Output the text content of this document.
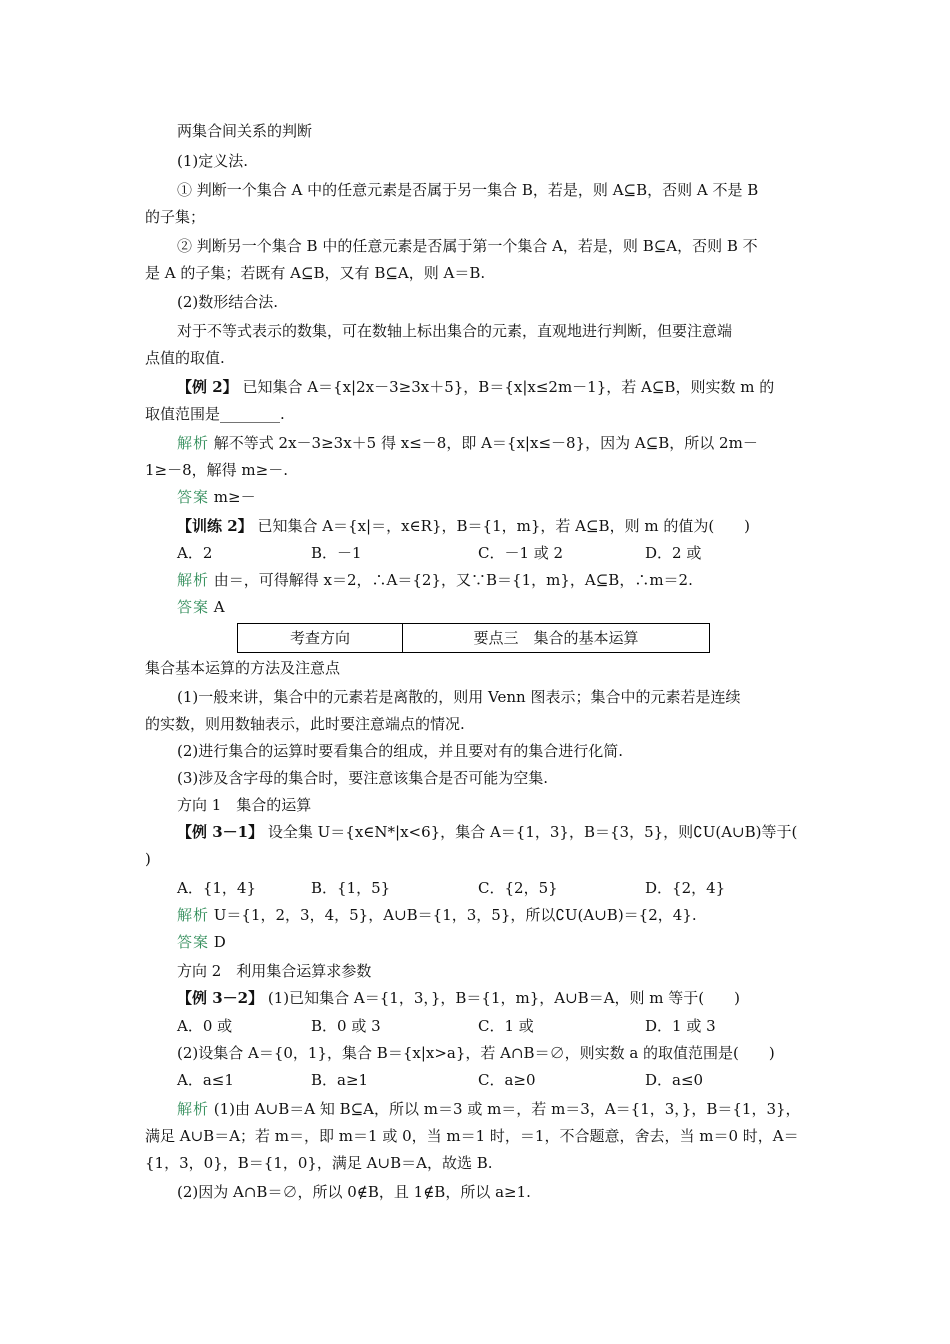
两集合间关系的判断
(1)定义法.
① 判断一个集合 A 中的任意元素是否属于另一集合 B，若是，则 A⊆B，否则 A 不是 B
的子集；
② 判断另一个集合 B 中的任意元素是否属于第一个集合 A，若是，则 B⊆A，否则 B 不
是 A 的子集；若既有 A⊆B，又有 B⊆A，则 A＝B.
(2)数形结合法.
对于不等式表示的数集，可在数轴上标出集合的元素，直观地进行判断，但要注意端
点值的取值.
【例 2】 已知集合 A＝{x|2x－3≥3x＋5}，B＝{x|x≤2m－1}，若 A⊆B，则实数 m 的
取值范围是________.
解析 解不等式 2x－3≥3x＋5 得 x≤－8，即 A＝{x|x≤－8}，因为 A⊆B，所以 2m－
1≥－8，解得 m≥－.
答案 m≥－
【训练 2】 已知集合 A＝{x|＝，x∈R}，B＝{1，m}，若 A⊆B，则 m 的值为(　　)
A．2	B．－1	C．－1 或 2	D．2 或
解析 由＝，可得解得 x＝2，∴A＝{2}，又∵B＝{1，m}，A⊆B，∴m＝2.
答案 A
考查方向	要点三　集合的基本运算
集合基本运算的方法及注意点
(1)一般来讲，集合中的元素若是离散的，则用 Venn 图表示；集合中的元素若是连续
的实数，则用数轴表示，此时要注意端点的情况.
(2)进行集合的运算时要看集合的组成，并且要对有的集合进行化简.
(3)涉及含字母的集合时，要注意该集合是否可能为空集.
方向 1　集合的运算
【例 3－1】 设全集 U＝{x∈N*|x<6}，集合 A＝{1，3}，B＝{3，5}，则∁U(A∪B)等于(
)
A．{1，4}	B．{1，5}	C．{2，5}	D．{2，4}
解析 U＝{1，2，3，4，5}，A∪B＝{1，3，5}，所以∁U(A∪B)＝{2，4}.
答案 D
方向 2　利用集合运算求参数
【例 3－2】 (1)已知集合 A＝{1，3，}，B＝{1，m}，A∪B＝A，则 m 等于(　　)
A．0 或	B．0 或 3	C．1 或	D．1 或 3
(2)设集合 A＝{0，1}，集合 B＝{x|x>a}，若 A∩B＝∅，则实数 a 的取值范围是(　　)
A．a≤1	B．a≥1	C．a≥0	D．a≤0
解析 (1)由 A∪B＝A 知 B⊆A，所以 m＝3 或 m＝，若 m＝3，A＝{1，3，}，B＝{1，3}，
满足 A∪B＝A；若 m＝，即 m＝1 或 0，当 m＝1 时，＝1，不合题意，舍去，当 m＝0 时，A＝
{1，3，0}，B＝{1，0}，满足 A∪B＝A，故选 B.
(2)因为 A∩B＝∅，所以 0∉B，且 1∉B，所以 a≥1.
